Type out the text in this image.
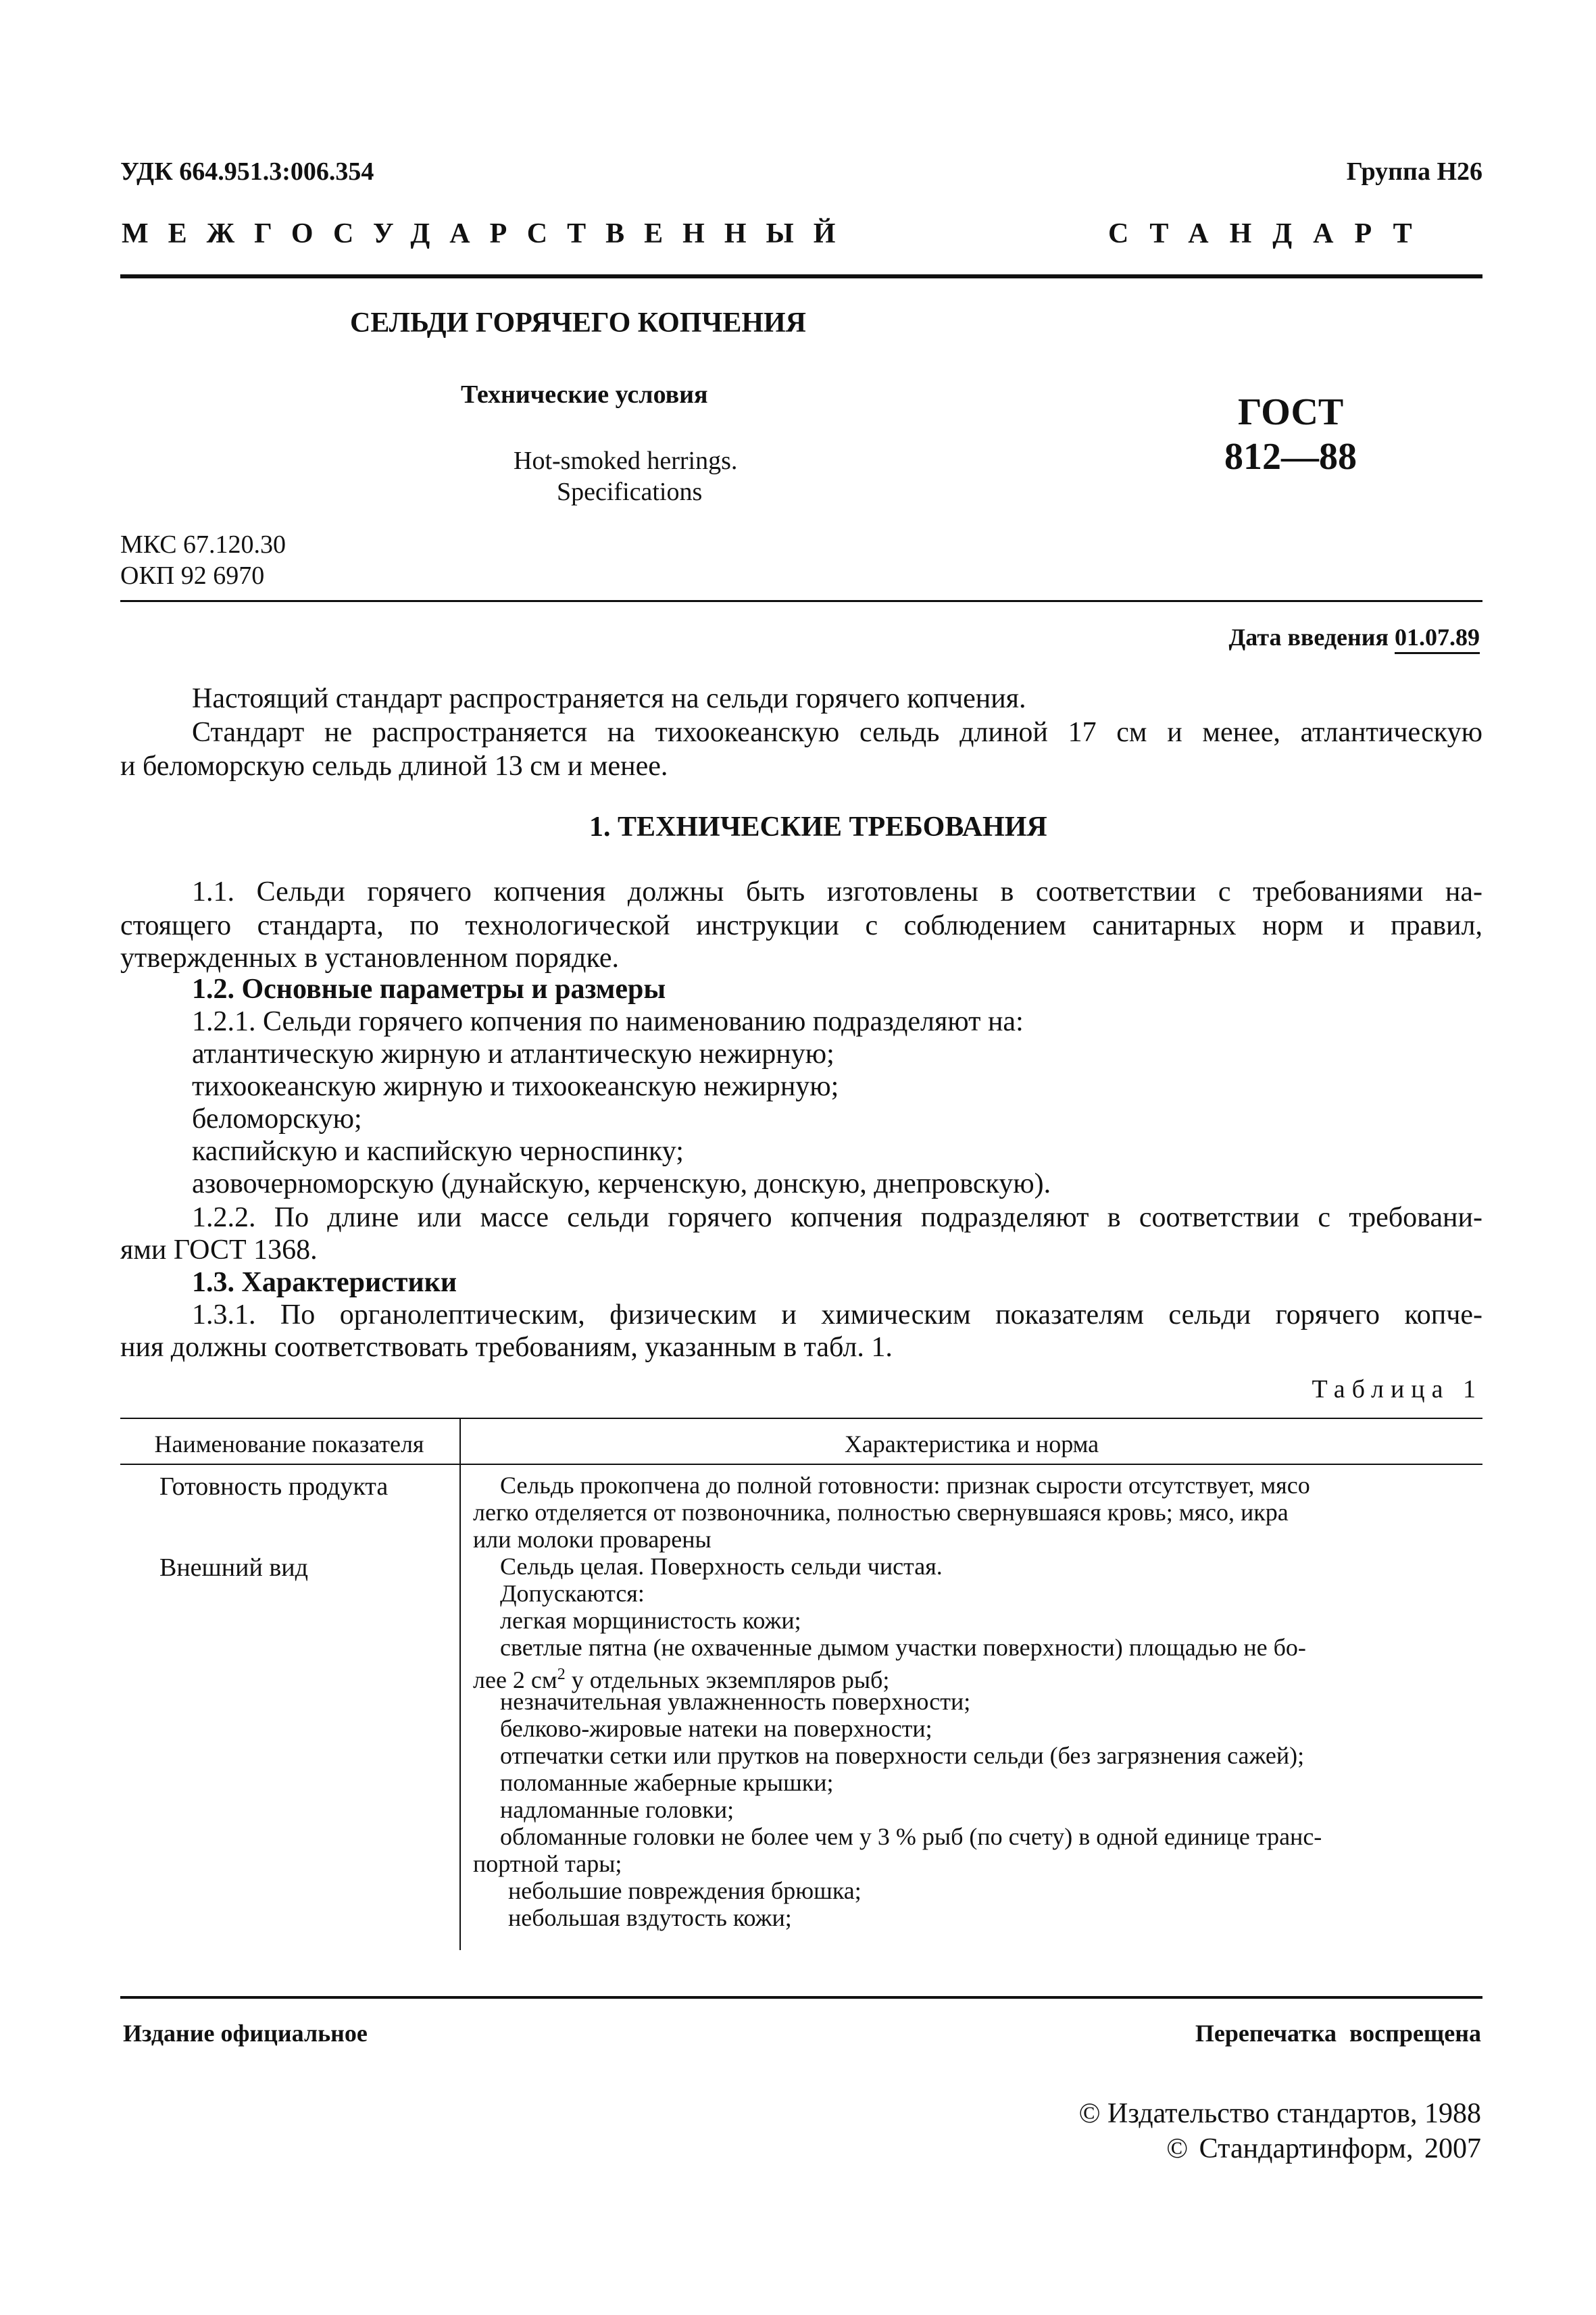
УДК 664.951.3:006.354	Группа Н26
МЕЖГОСУДАРСТВЕННЫЙ	СТАНДАРТ
СЕЛЬДИ ГОРЯЧЕГО КОПЧЕНИЯ
Технические условия
Hot-smoked herrings.
Specifications
ГОСТ
812—88
МКС 67.120.30
ОКП 92 6970
Дата введения 01.07.89
Настоящий стандарт распространяется на сельди горячего копчения.
Стандарт не распространяется на тихоокеанскую сельдь длиной 17 см и менее, атлантическую
и беломорскую сельдь длиной 13 см и менее.
1. ТЕХНИЧЕСКИЕ ТРЕБОВАНИЯ
1.1. Сельди горячего копчения должны быть изготовлены в соответствии с требованиями на-
стоящего стандарта, по технологической инструкции с соблюдением санитарных норм и правил,
утвержденных в установленном порядке.
1.2. Основные параметры и размеры
1.2.1. Сельди горячего копчения по наименованию подразделяют на:
атлантическую жирную и атлантическую нежирную;
тихоокеанскую жирную и тихоокеанскую нежирную;
беломорскую;
каспийскую и каспийскую черноспинку;
азовочерноморскую (дунайскую, керченскую, донскую, днепровскую).
1.2.2. По длине или массе сельди горячего копчения подразделяют в соответствии с требовани-
ями ГОСТ 1368.
1.3. Характеристики
1.3.1. По органолептическим, физическим и химическим показателям сельди горячего копче-
ния должны соответствовать требованиям, указанным в табл. 1.
Таблица 1
Наименование показателя	Характеристика и норма
Готовность продукта	Сельдь прокопчена до полной готовности: признак сырости отсутствует, мясо
легко отделяется от позвоночника, полностью свернувшаяся кровь; мясо, икра
или молоки проварены
Внешний вид	Сельдь целая. Поверхность сельди чистая.
Допускаются:
легкая морщинистость кожи;
светлые пятна (не охваченные дымом участки поверхности) площадью не бо-
лее 2 $см^2$ у отдельных экземпляров рыб;
незначительная увлажненность поверхности;
белково-жировые натеки на поверхности;
отпечатки сетки или прутков на поверхности сельди (без загрязнения сажей);
поломанные жаберные крышки;
надломанные головки;
обломанные головки не более чем у 3 % рыб (по счету) в одной единице транс-
портной тары;
небольшие повреждения брюшка;
небольшая вздутость кожи;
Издание официальное	Перепечатка воспрещена
© Издательство стандартов, 1988
© Стандартинформ, 2007
